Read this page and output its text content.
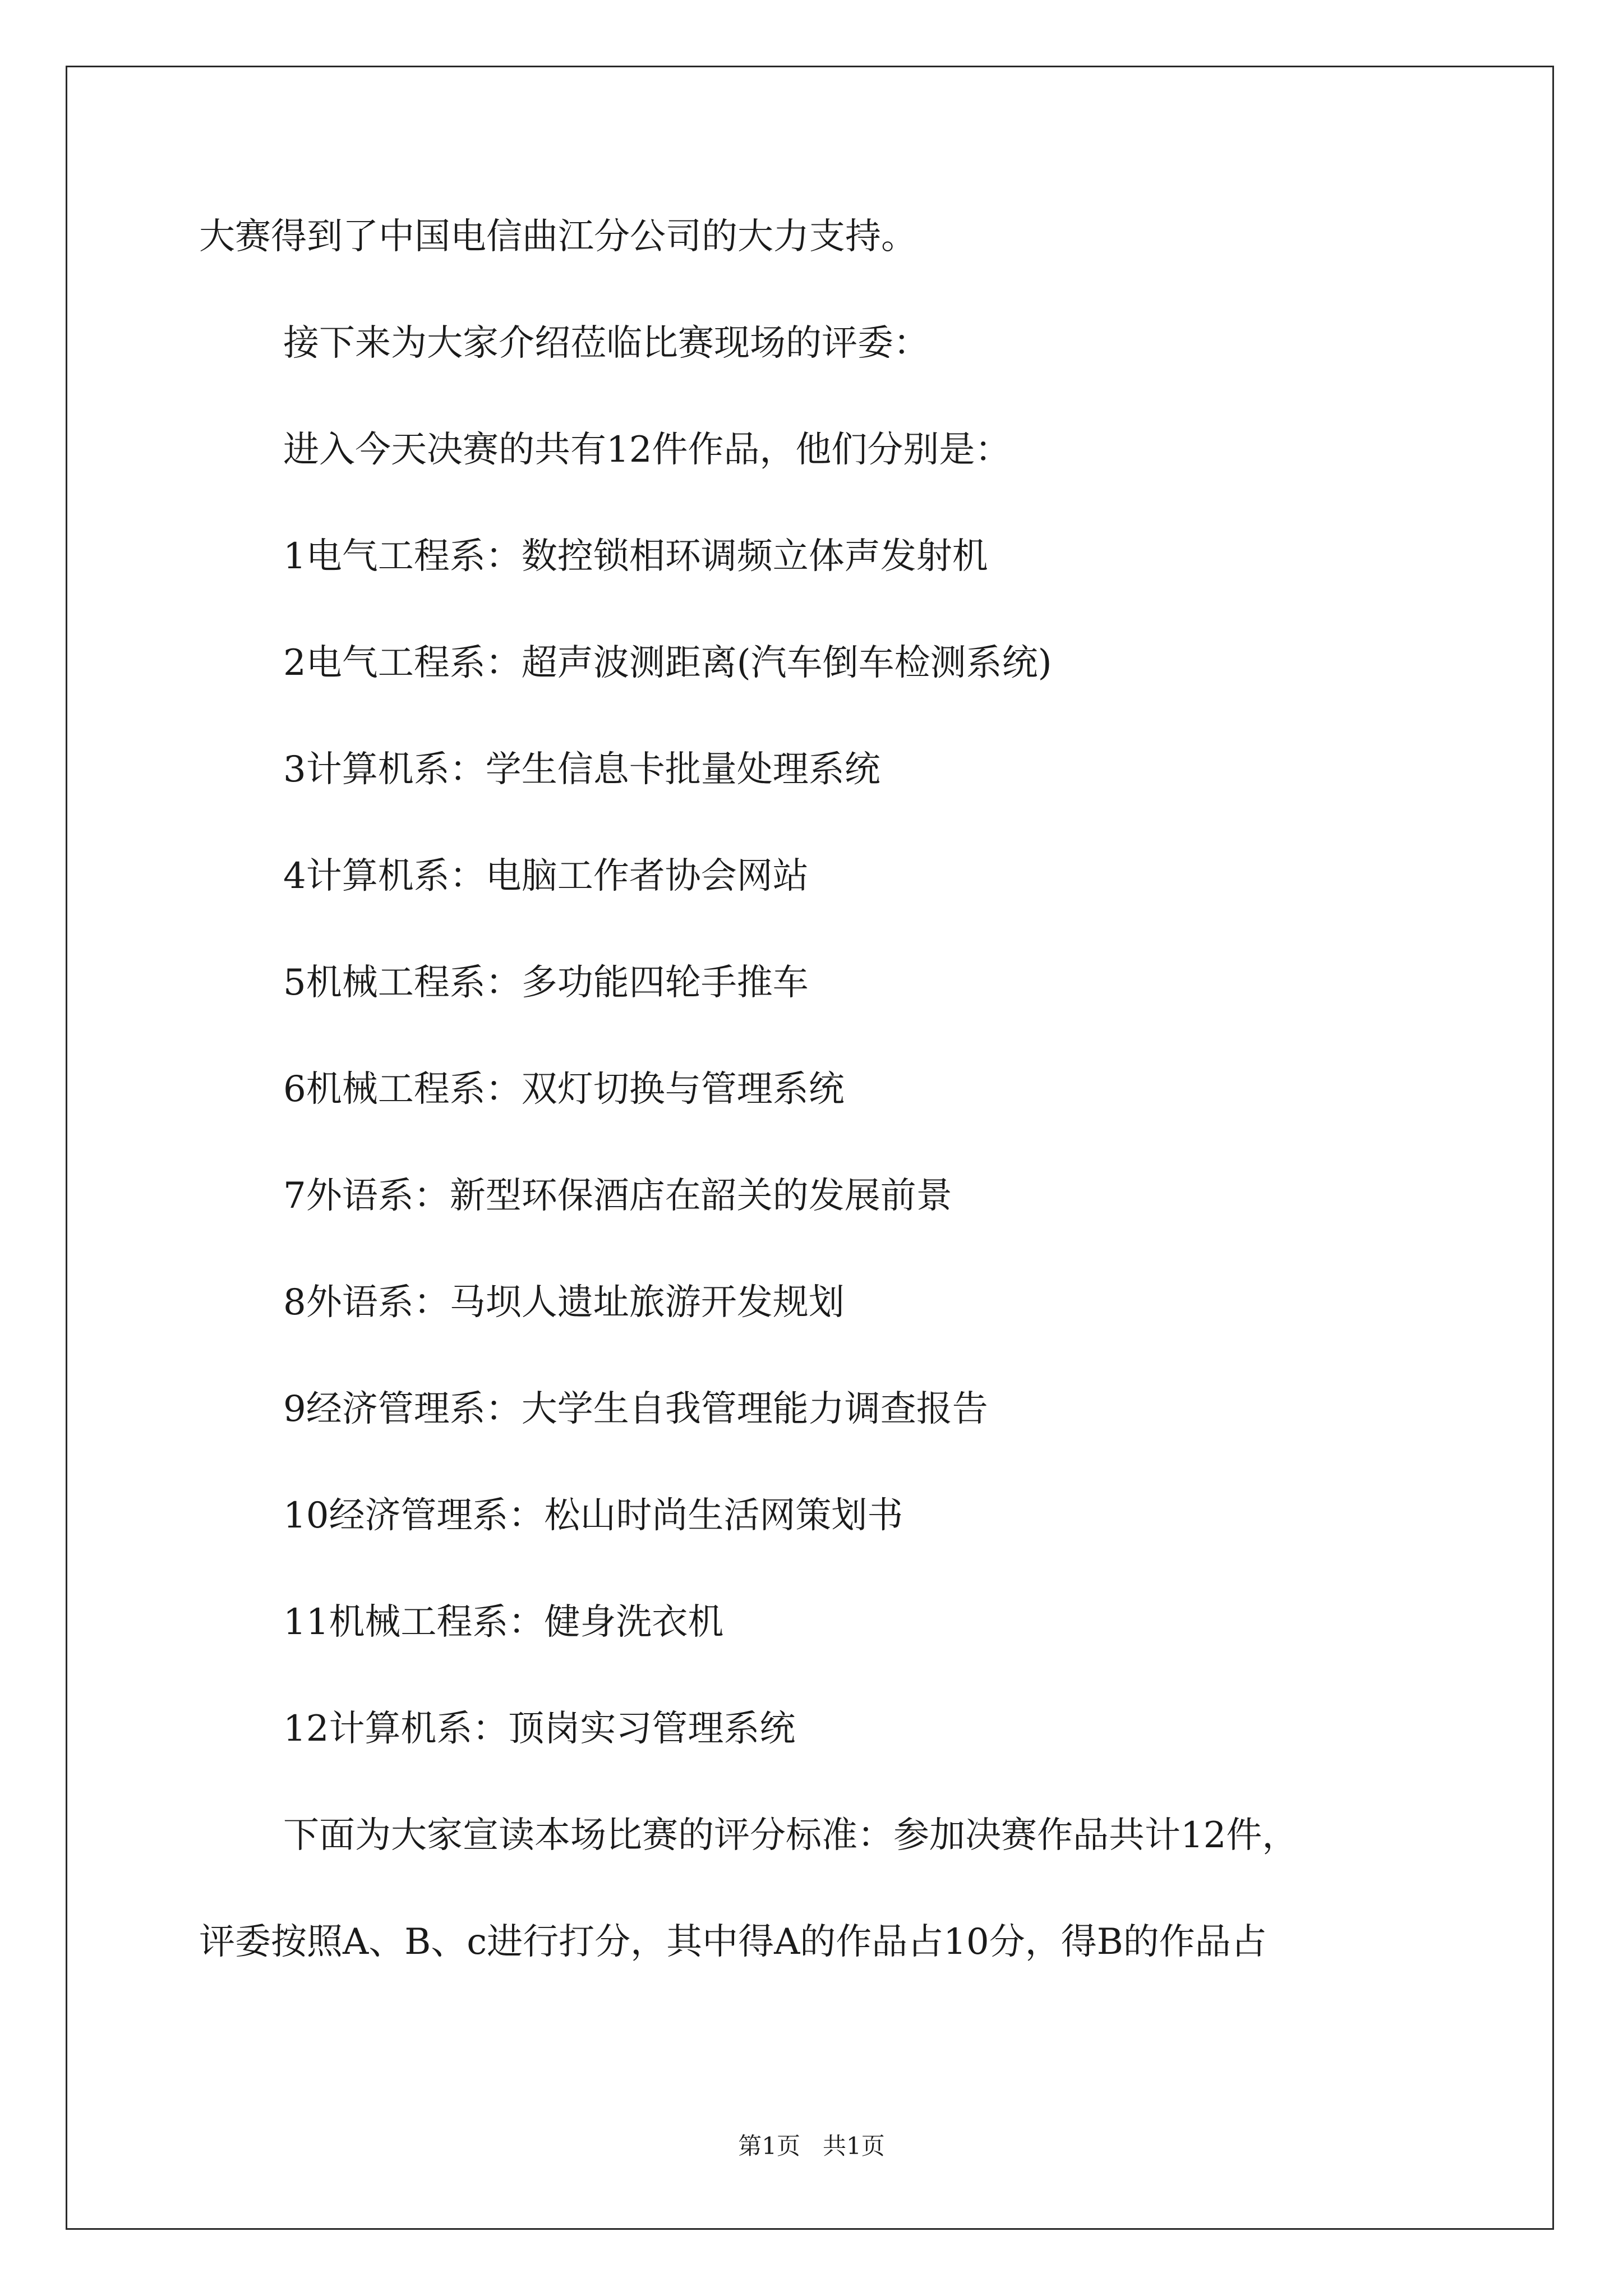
大赛得到了中国电信曲江分公司的大力支持。
接下来为大家介绍莅临比赛现场的评委：
进入今天决赛的共有12件作品，他们分别是：
1电气工程系：数控锁相环调频立体声发射机
2电气工程系：超声波测距离(汽车倒车检测系统)
3计算机系：学生信息卡批量处理系统
4计算机系：电脑工作者协会网站
5机械工程系：多功能四轮手推车
6机械工程系：双灯切换与管理系统
7外语系：新型环保酒店在韶关的发展前景
8外语系：马坝人遗址旅游开发规划
9经济管理系：大学生自我管理能力调查报告
10经济管理系：松山时尚生活网策划书
11机械工程系：健身洗衣机
12计算机系：顶岗实习管理系统
下面为大家宣读本场比赛的评分标准：参加决赛作品共计12件，
评委按照A、B、c进行打分，其中得A的作品占10分，得B的作品占
第1页   共1页
